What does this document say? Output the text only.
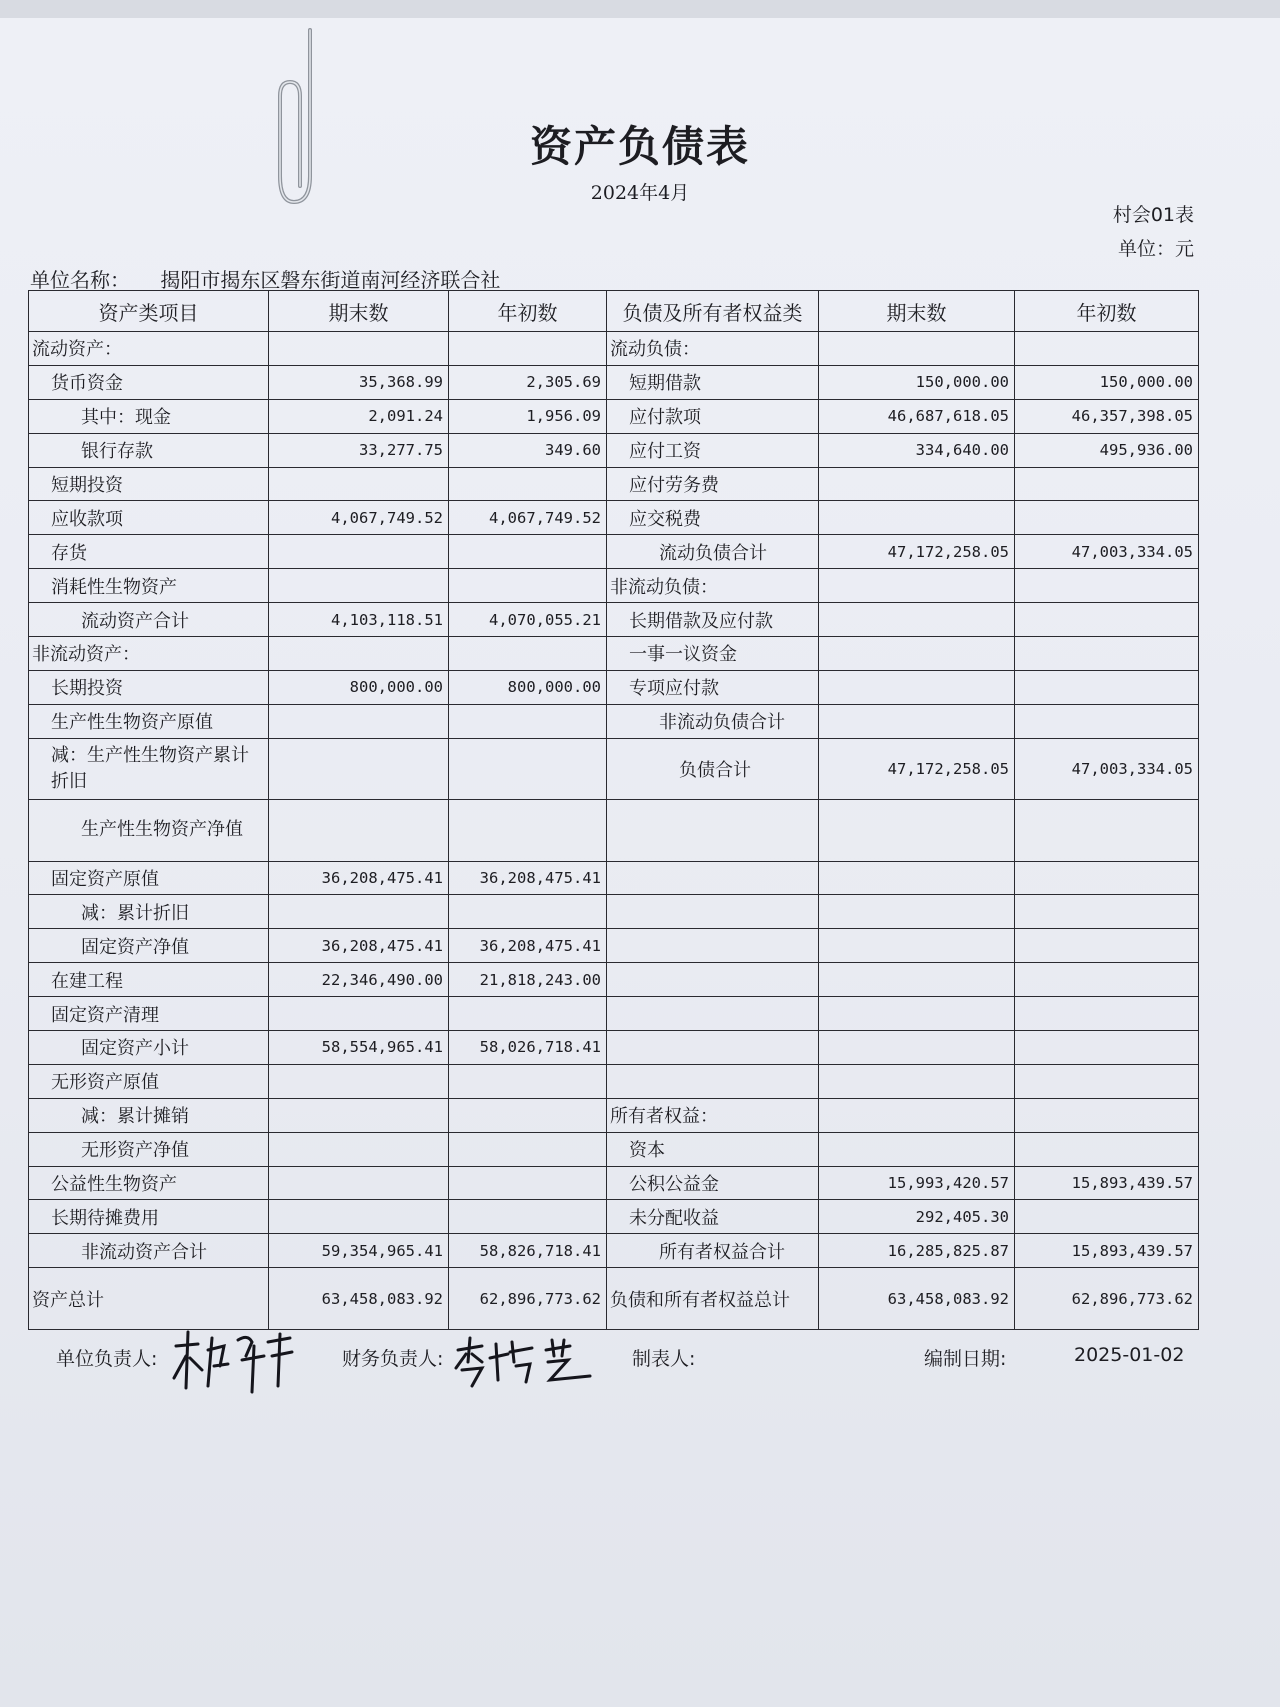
资产负债表
2024年4月
村会01表
单位：元
单位名称： 揭阳市揭东区磐东街道南河经济联合社
资产类项目	期末数	年初数	负债及所有者权益类	期末数	年初数
流动资产：			流动负债：		
货币资金	35,368.99	2,305.69	短期借款	150,000.00	150,000.00
其中：现金	2,091.24	1,956.09	应付款项	46,687,618.05	46,357,398.05
银行存款	33,277.75	349.60	应付工资	334,640.00	495,936.00
短期投资			应付劳务费		
应收款项	4,067,749.52	4,067,749.52	应交税费		
存货			流动负债合计	47,172,258.05	47,003,334.05
消耗性生物资产			非流动负债：		
流动资产合计	4,103,118.51	4,070,055.21	长期借款及应付款		
非流动资产：			一事一议资金		
长期投资	800,000.00	800,000.00	专项应付款		
生产性生物资产原值			非流动负债合计		
减：生产性生物资产累计折旧			负债合计	47,172,258.05	47,003,334.05
生产性生物资产净值					
固定资产原值	36,208,475.41	36,208,475.41			
减：累计折旧					
固定资产净值	36,208,475.41	36,208,475.41			
在建工程	22,346,490.00	21,818,243.00			
固定资产清理					
固定资产小计	58,554,965.41	58,026,718.41			
无形资产原值					
减：累计摊销			所有者权益：		
无形资产净值			资本		
公益性生物资产			公积公益金	15,993,420.57	15,893,439.57
长期待摊费用			未分配收益	292,405.30	
非流动资产合计	59,354,965.41	58,826,718.41	所有者权益合计	16,285,825.87	15,893,439.57
资产总计	63,458,083.92	62,896,773.62	负债和所有者权益总计	63,458,083.92	62,896,773.62
单位负责人:
林忠平
财务负责人:
李瑞芝
制表人:	编制日期:	2025-01-02
